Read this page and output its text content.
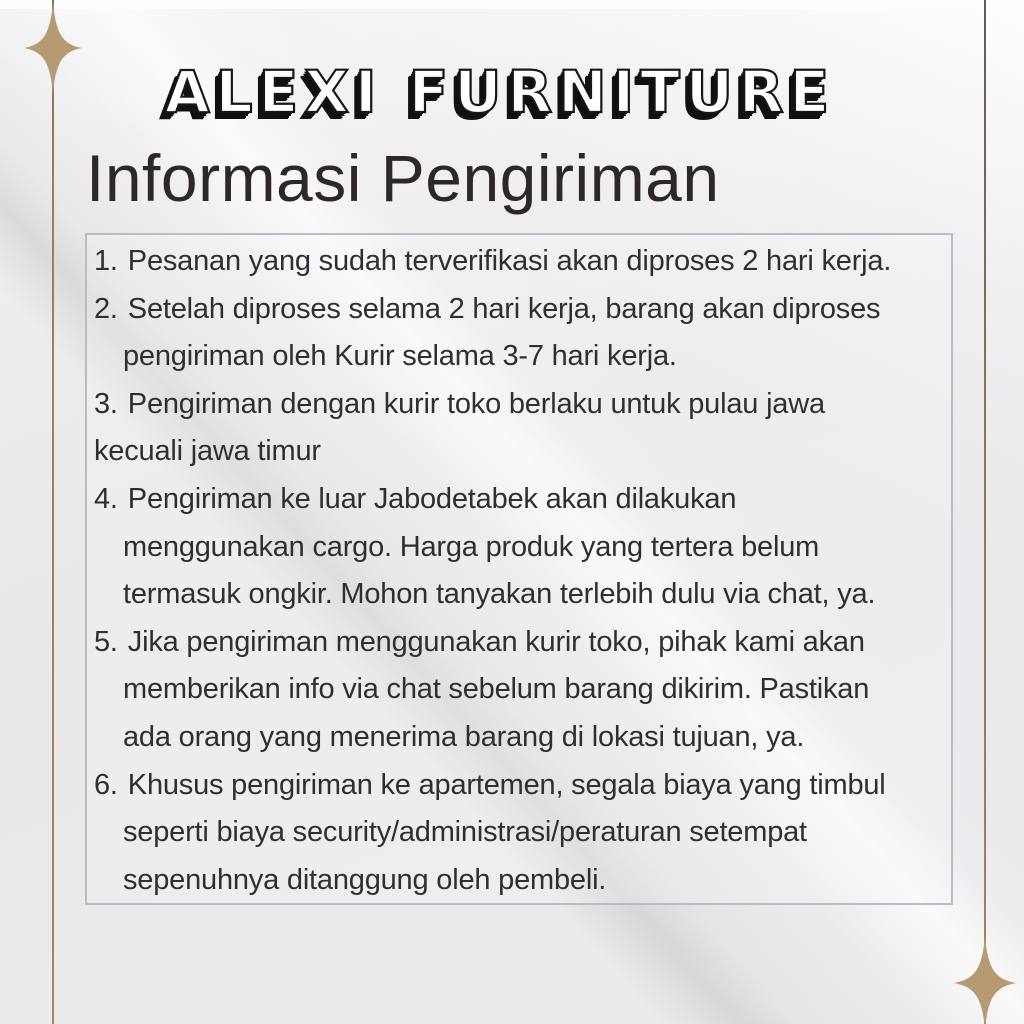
ALEXI FURNITURE
Informasi Pengiriman
1. Pesanan yang sudah terverifikasi akan diproses 2 hari kerja.
2. Setelah diproses selama 2 hari kerja, barang akan diproses
pengiriman oleh Kurir selama 3-7 hari kerja.
3. Pengiriman dengan kurir toko berlaku untuk pulau jawa
kecuali jawa timur
4. Pengiriman ke luar Jabodetabek akan dilakukan
menggunakan cargo. Harga produk yang tertera belum
termasuk ongkir. Mohon tanyakan terlebih dulu via chat, ya.
5. Jika pengiriman menggunakan kurir toko, pihak kami akan
memberikan info via chat sebelum barang dikirim. Pastikan
ada orang yang menerima barang di lokasi tujuan, ya.
6. Khusus pengiriman ke apartemen, segala biaya yang timbul
seperti biaya security/administrasi/peraturan setempat
sepenuhnya ditanggung oleh pembeli.
